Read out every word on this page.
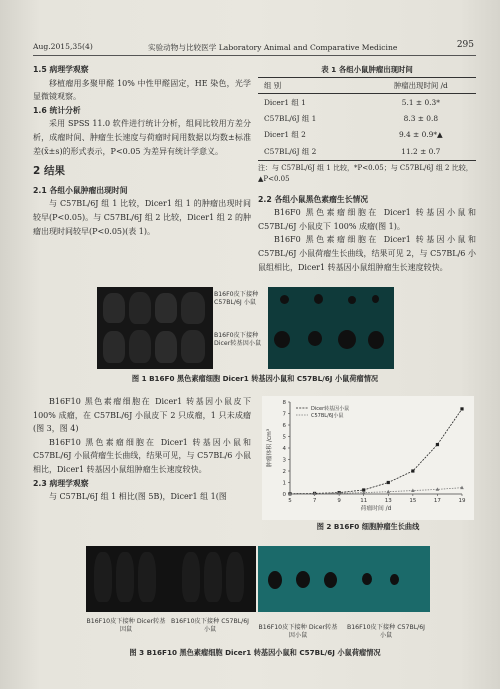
Aug.2015,35(4)	实验动物与比较医学 Laboratory Animal and Comparative Medicine	295
1.5 病理学观察

移植瘤用多聚甲醛 10% 中性甲醛固定，HE 染色，光学显微镜观察。

1.6 统计分析

采用 SPSS 11.0 软件进行统计分析，组间比较用方差分析，成瘤时间、肿瘤生长速度与荷瘤时间用数据以均数±标准差(x̄±s)的形式表示，P<0.05 为差异有统计学意义。

2 结果
2.1 各组小鼠肿瘤出现时间

与 C57BL/6J 组 1 比较，Dicer1 组 1 的肿瘤出现时间较早(P<0.05)。与 C57BL/6J 组 2 比较，Dicer1 组 2 的肿瘤出现时间较早(P<0.05)(表 1)。

表 1 各组小鼠肿瘤出现时间
组 别	肿瘤出现时间 /d
Dicer1 组 1	5.1 ± 0.3*
C57BL/6J 组 1	8.3 ± 0.8
Dicer1 组 2	9.4 ± 0.9*▲
C57BL/6J 组 2	11.2 ± 0.7
注：与 C57BL/6J 组 1 比较，*P<0.05；与 C57BL/6J 组 2 比较，▲P<0.05
2.2 各组小鼠黑色素瘤生长情况

B16F0 黑色素瘤细胞在 Dicer1 转基因小鼠和 C57BL/6J 小鼠皮下 100% 成瘤(图 1)。

B16F0 黑色素瘤细胞在 Dicer1 转基因小鼠和 C57BL/6J 小鼠荷瘤生长曲线，结果可见 2，与 C57BL/6 小鼠组相比，Dicer1 转基因小鼠组肿瘤生长速度较快。

B16F0皮下接种 C57BL/6J 小鼠
B16F0皮下接种 Dicer转基因小鼠
图 1 B16F0 黑色素瘤细胞 Dicer1 转基因小鼠和 C57BL/6J 小鼠荷瘤情况

B16F10 黑色素瘤细胞在 Dicer1 转基因小鼠皮下 100% 成瘤，在 C57BL/6J 小鼠皮下 2 只成瘤，1 只未成瘤(图 3，图 4)

B16F10 黑色素瘤细胞在 Dicer1 转基因小鼠和 C57BL/6J 小鼠荷瘤生长曲线，结果可见，与 C57BL/6 小鼠相比，Dicer1 转基因小鼠组肿瘤生长速度较快。

2.3 病理学观察

与 C57BL/6J 组 1 相比(图 5B)，Dicer1 组 1(图	0
1
2
3
4
5
6
7
8
5	7	9	11	13	15	17	19
荷瘤时间 /d
肿瘤体积 /cm³
Dicer转基因小鼠
C57BL/6J小鼠
图 2 B16F0 细胞肿瘤生长曲线
B16F10皮下接种 Dicer转基因鼠
B16F10皮下接种 C57BL/6J小鼠	B16F10皮下接种 Dicer转基因小鼠
B16F10皮下接种 C57BL/6J小鼠
图 3 B16F10 黑色素瘤细胞 Dicer1 转基因小鼠和 C57BL/6J 小鼠荷瘤情况
